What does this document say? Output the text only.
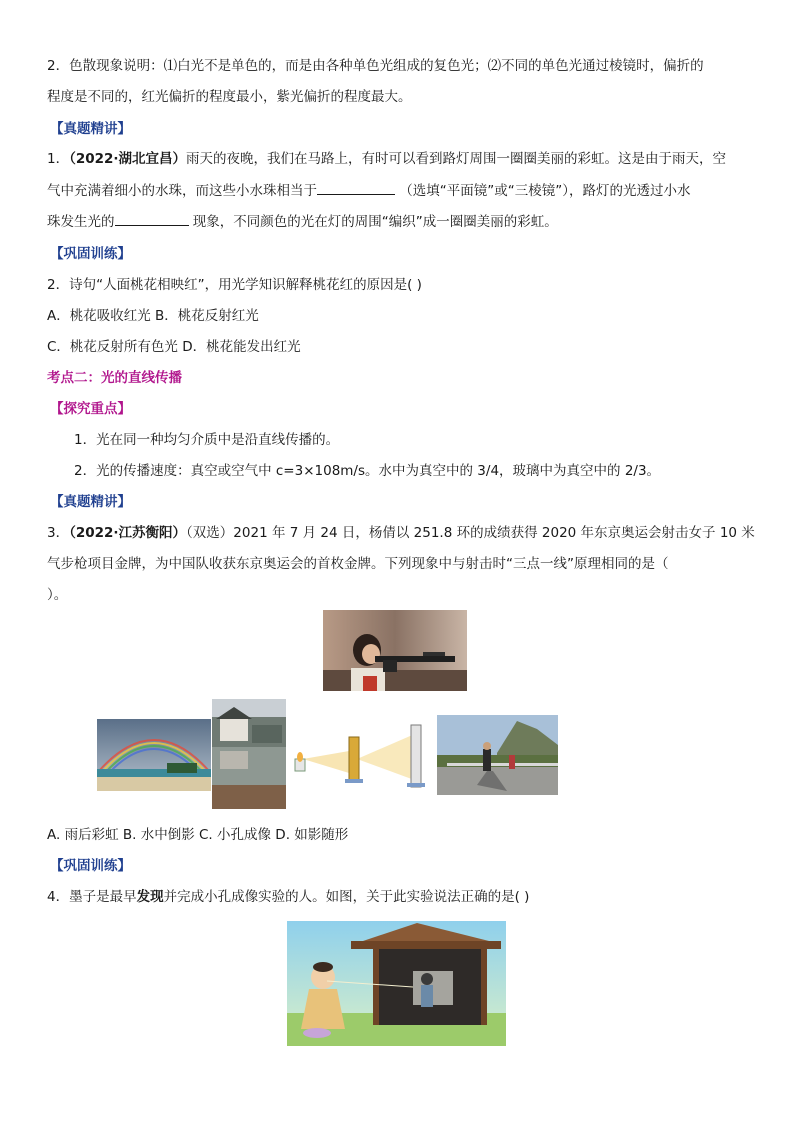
2．色散现象说明：⑴白光不是单色的，而是由各种单色光组成的复色光；⑵不同的单色光通过棱镜时，偏折的
程度是不同的，红光偏折的程度最小，紫光偏折的程度最大。
【真题精讲】
1．（2022·湖北宜昌）雨天的夜晚，我们在马路上，有时可以看到路灯周围一圈圈美丽的彩虹。这是由于雨天，空
气中充满着细小的水珠，而这些小水珠相当于	（选填“平面镜”或“三棱镜”），路灯的光透过小水
珠发生光的	现象，不同颜色的光在灯的周围“编织”成一圈圈美丽的彩虹。
【巩固训练】
2．诗句“人面桃花相映红”，用光学知识解释桃花红的原因是( )
A．桃花吸收红光 B．桃花反射红光
C．桃花反射所有色光 D．桃花能发出红光
考点二：光的直线传播
【探究重点】
1．光在同一种均匀介质中是沿直线传播的。
2．光的传播速度：真空或空气中 c=3×108m/s。水中为真空中的 3/4，玻璃中为真空中的 2/3。
【真题精讲】
3．（2022·江苏衡阳）（双选）2021 年 7 月 24 日，杨倩以 251.8 环的成绩获得 2020 年东京奥运会射击女子 10 米
气步枪项目金牌，为中国队收获东京奥运会的首枚金牌。下列现象中与射击时“三点一线”原理相同的是（
）。
A. 雨后彩虹 B. 水中倒影 C. 小孔成像 D. 如影随形
【巩固训练】
4．墨子是最早发现并完成小孔成像实验的人。如图，关于此实验说法正确的是( )
